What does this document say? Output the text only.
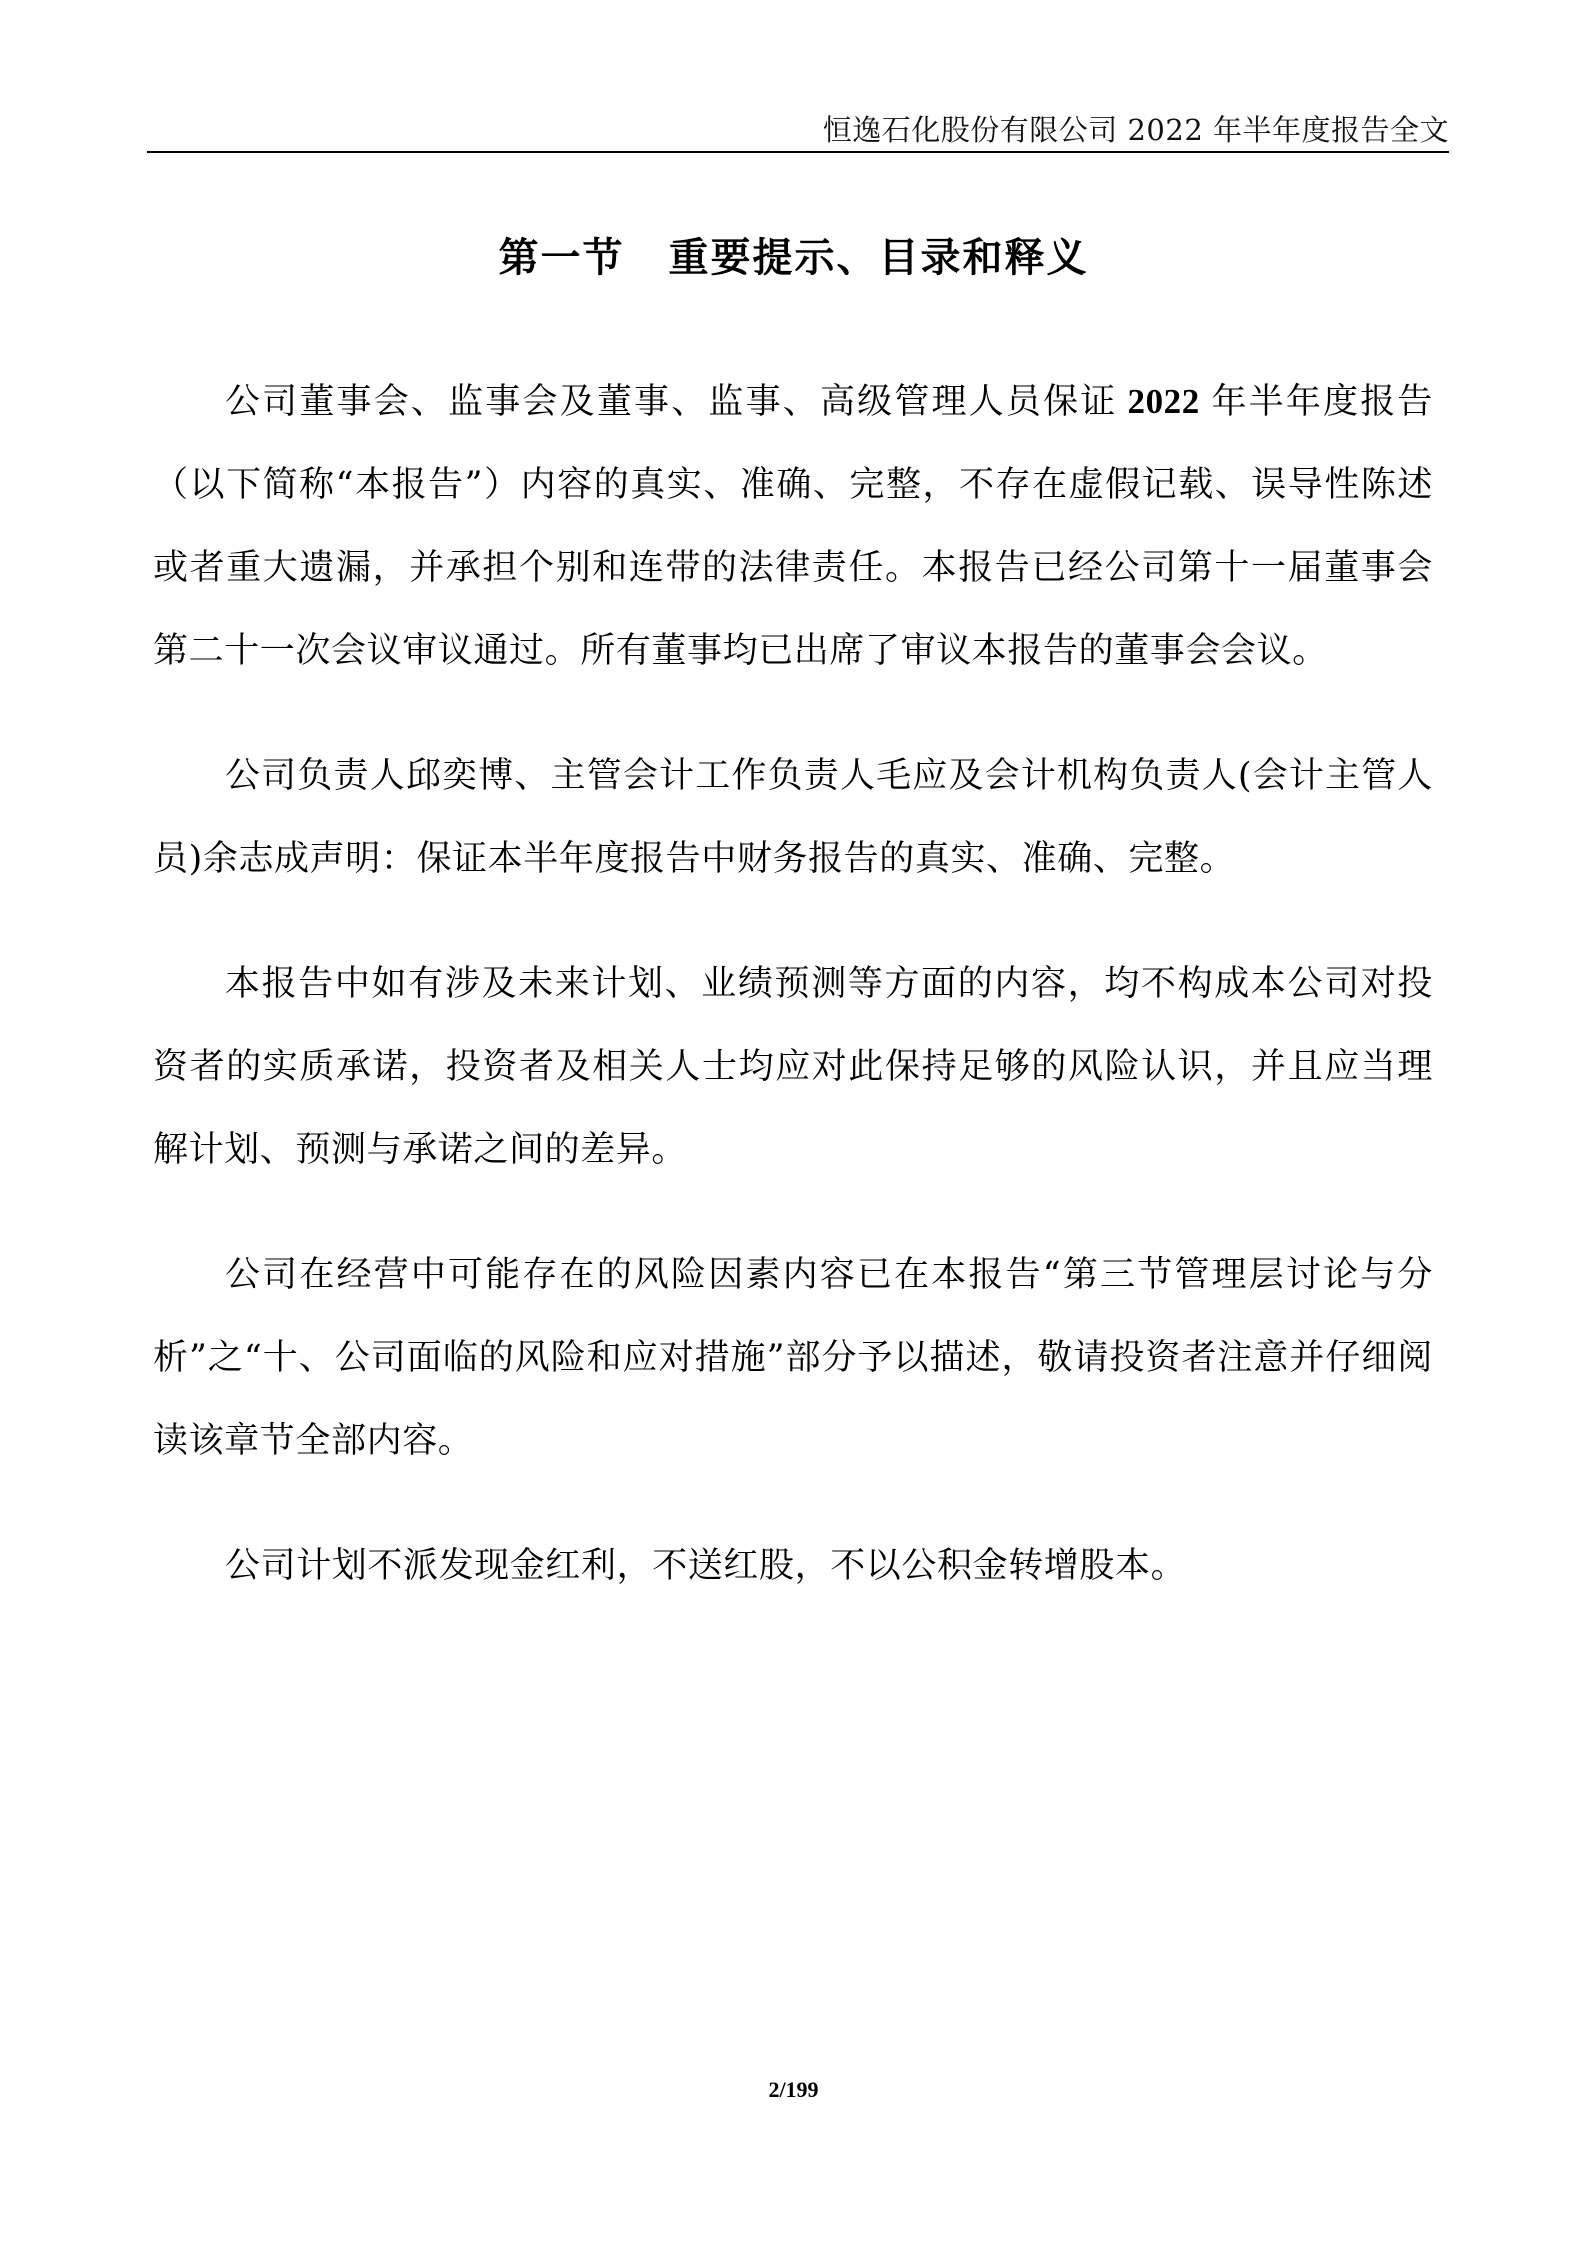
恒逸石化股份有限公司 2022 年半年度报告全文
第一节 重要提示、目录和释义

公司董事会、监事会及董事、监事、高级管理人员保证 2022 年半年度报告（以下简称“本报告”）内容的真实、准确、完整，不存在虚假记载、误导性陈述或者重大遗漏，并承担个别和连带的法律责任。本报告已经公司第十一届董事会第二十一次会议审议通过。所有董事均已出席了审议本报告的董事会会议。

公司负责人邱奕博、主管会计工作负责人毛应及会计机构负责人(会计主管人员)余志成声明：保证本半年度报告中财务报告的真实、准确、完整。

本报告中如有涉及未来计划、业绩预测等方面的内容，均不构成本公司对投资者的实质承诺，投资者及相关人士均应对此保持足够的风险认识，并且应当理解计划、预测与承诺之间的差异。

公司在经营中可能存在的风险因素内容已在本报告“第三节管理层讨论与分析”之“十、公司面临的风险和应对措施”部分予以描述，敬请投资者注意并仔细阅读该章节全部内容。

公司计划不派发现金红利，不送红股，不以公积金转增股本。

2/199
